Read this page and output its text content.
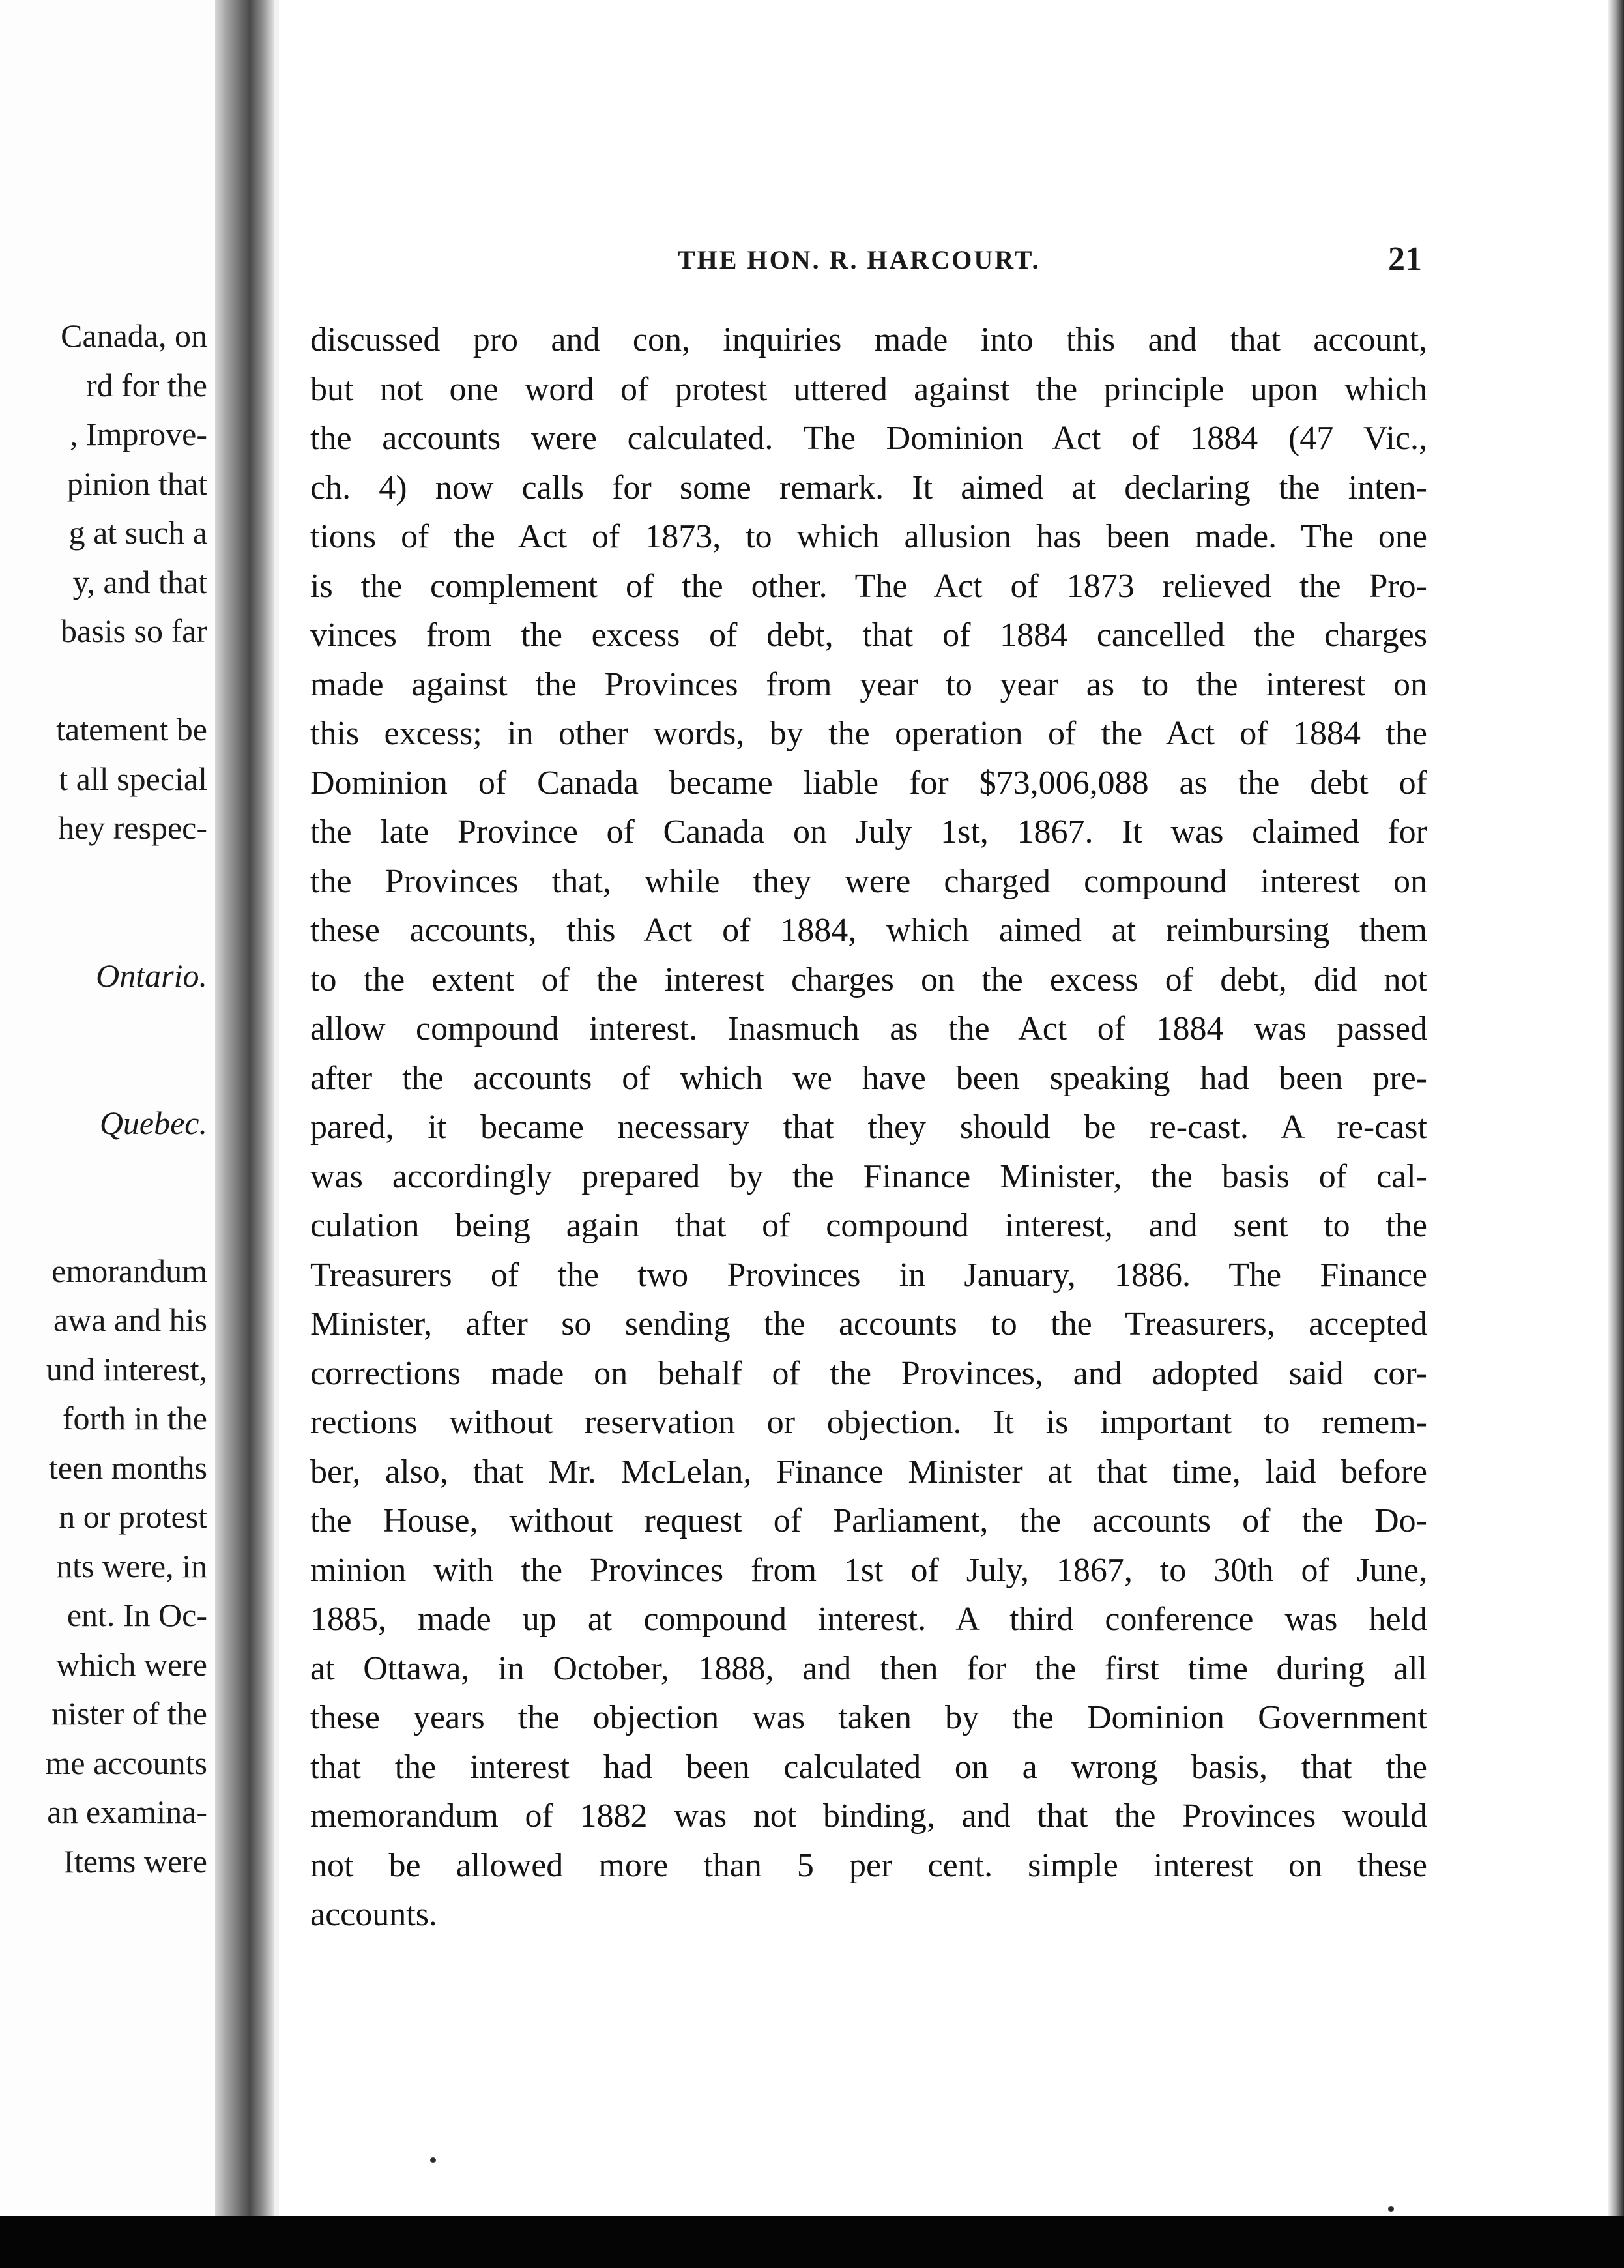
Canada, on
rd for the
, Improve-
pinion that
g at such a
y, and that
basis so far
tatement be
t all special
hey respec-
Ontario.
Quebec.
emorandum
awa and his
und interest,
forth in the
teen months
n or protest
nts were, in
ent. In Oc-
which were
nister of the
me accounts
an examina-
Items were
THE HON. R. HARCOURT.	21
discussed pro and con, inquiries made into this and that account,
but not one word of protest uttered against the principle upon which
the accounts were calculated. The Dominion Act of 1884 (47 Vic.,
ch. 4) now calls for some remark. It aimed at declaring the inten-
tions of the Act of 1873, to which allusion has been made. The one
is the complement of the other. The Act of 1873 relieved the Pro-
vinces from the excess of debt, that of 1884 cancelled the charges
made against the Provinces from year to year as to the interest on
this excess; in other words, by the operation of the Act of 1884 the
Dominion of Canada became liable for $73,006,088 as the debt of
the late Province of Canada on July 1st, 1867. It was claimed for
the Provinces that, while they were charged compound interest on
these accounts, this Act of 1884, which aimed at reimbursing them
to the extent of the interest charges on the excess of debt, did not
allow compound interest. Inasmuch as the Act of 1884 was passed
after the accounts of which we have been speaking had been pre-
pared, it became necessary that they should be re-cast. A re-cast
was accordingly prepared by the Finance Minister, the basis of cal-
culation being again that of compound interest, and sent to the
Treasurers of the two Provinces in January, 1886. The Finance
Minister, after so sending the accounts to the Treasurers, accepted
corrections made on behalf of the Provinces, and adopted said cor-
rections without reservation or objection. It is important to remem-
ber, also, that Mr. McLelan, Finance Minister at that time, laid before
the House, without request of Parliament, the accounts of the Do-
minion with the Provinces from 1st of July, 1867, to 30th of June,
1885, made up at compound interest. A third conference was held
at Ottawa, in October, 1888, and then for the first time during all
these years the objection was taken by the Dominion Government
that the interest had been calculated on a wrong basis, that the
memorandum of 1882 was not binding, and that the Provinces would
not be allowed more than 5 per cent. simple interest on these
accounts.
